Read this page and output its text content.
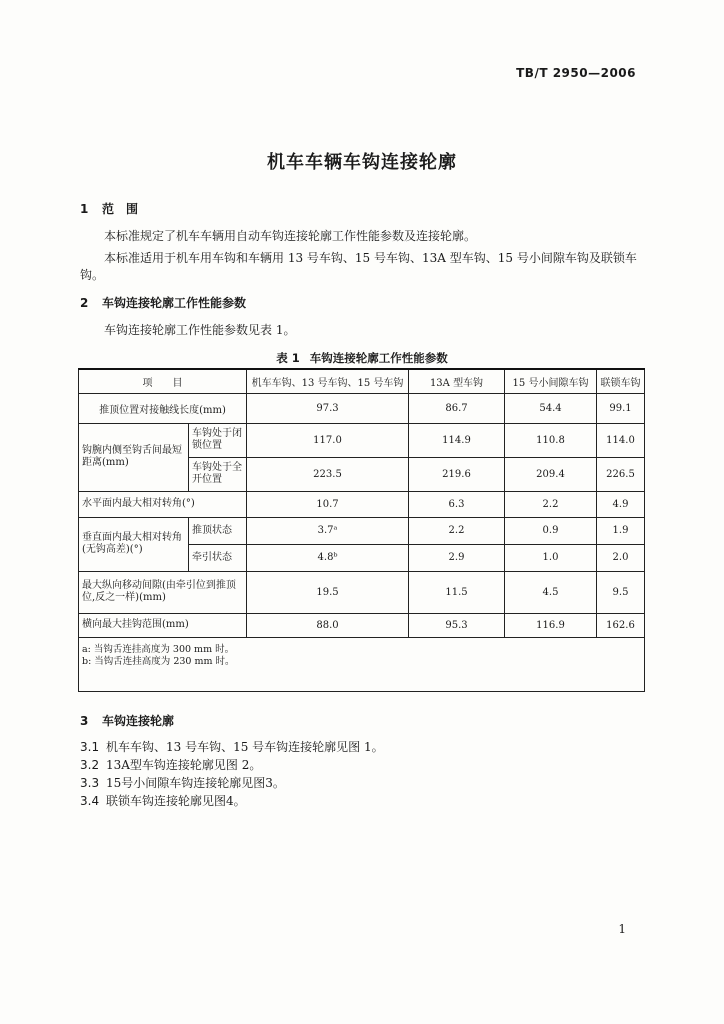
TB/T 2950—2006
机车车辆车钩连接轮廓
1 范　围
本标准规定了机车车辆用自动车钩连接轮廓工作性能参数及连接轮廓。
本标准适用于机车用车钩和车辆用 13 号车钩、15 号车钩、13A 型车钩、15 号小间隙车钩及联锁车钩。
2 车钩连接轮廓工作性能参数
车钩连接轮廓工作性能参数见表 1。
表 1 车钩连接轮廓工作性能参数
项　　目		机车车钩、13 号车钩、15 号车钩	13A 型车钩	15 号小间隙车钩	联锁车钩
推顶位置对接触线长度(mm)		97.3	86.7	54.4	99.1
钩腕内侧至钩舌间最短距离(mm)	车钩处于闭锁位置	117.0	114.9	110.8	114.0
	车钩处于全开位置	223.5	219.6	209.4	226.5
水平面内最大相对转角(°)		10.7	6.3	2.2	4.9
垂直面内最大相对转角(无钩高差)(°)	推顶状态	3.7ᵃ	2.2	0.9	1.9
	牵引状态	4.8ᵇ	2.9	1.0	2.0
最大纵向移动间隙(由牵引位到推顶位,反之一样)(mm)		19.5	11.5	4.5	9.5
横向最大挂钩范围(mm)		88.0	95.3	116.9	162.6

a: 当钩舌连挂高度为 300 mm 时。
b: 当钩舌连挂高度为 230 mm 时。					
3 车钩连接轮廓
3.1 机车车钩、13 号车钩、15 号车钩连接轮廓见图 1。
3.2 13A型车钩连接轮廓见图 2。
3.3 15号小间隙车钩连接轮廓见图3。
3.4 联锁车钩连接轮廓见图4。
1
